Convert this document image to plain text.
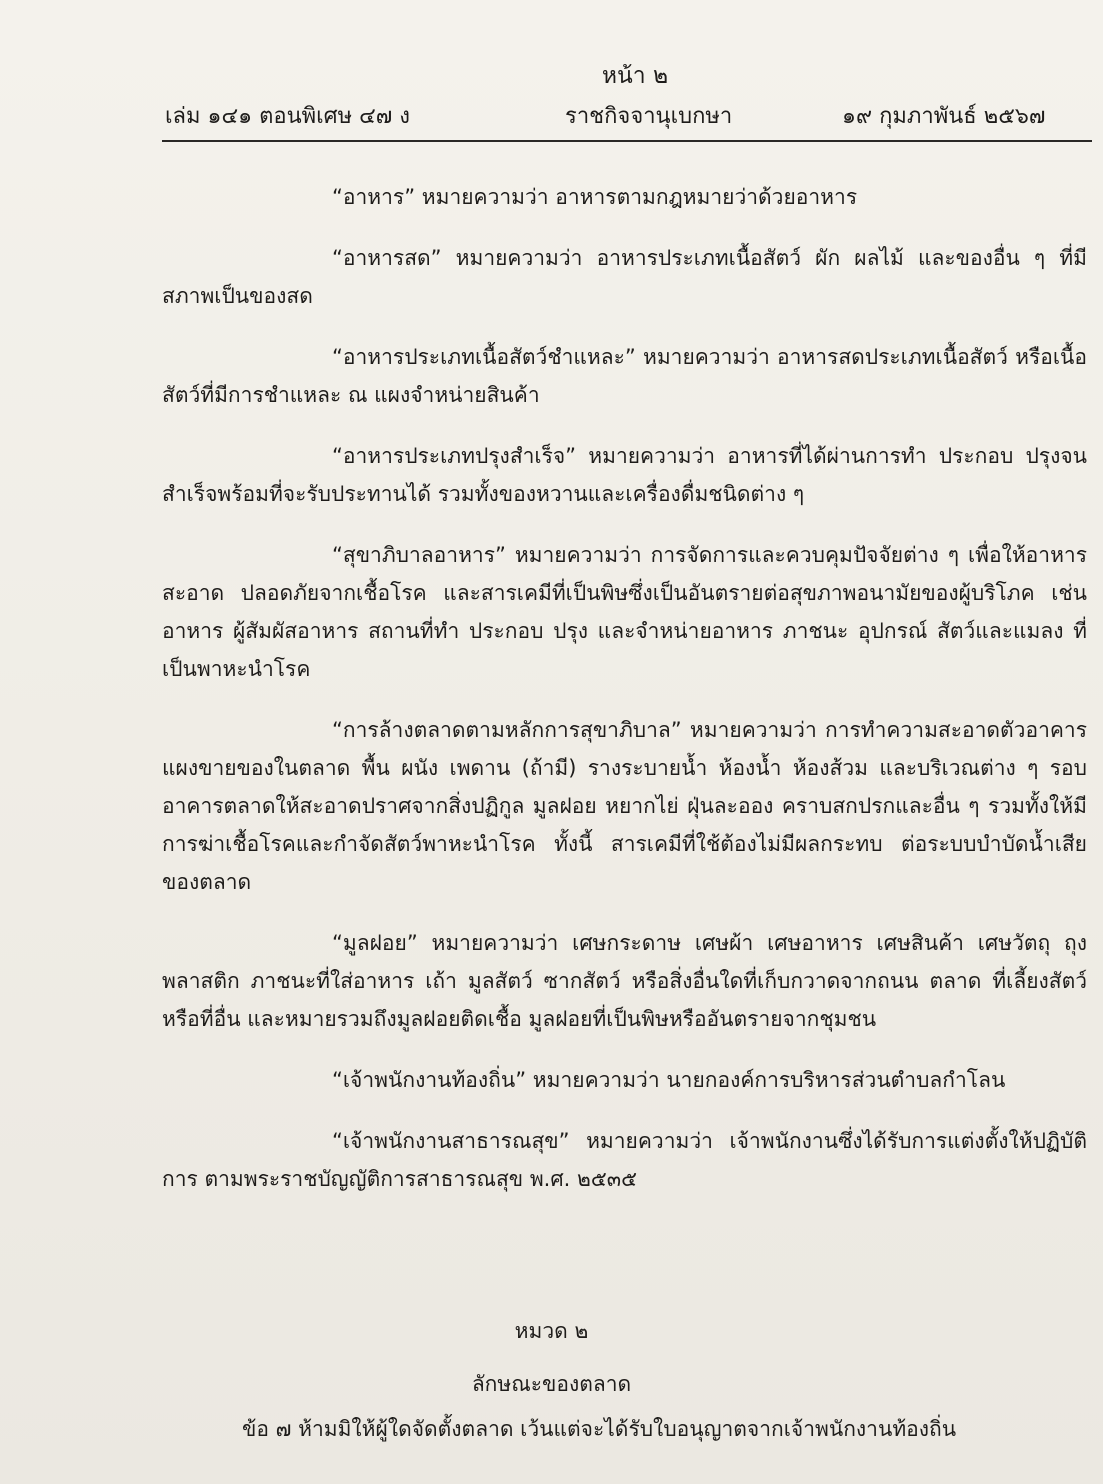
หน้า ๒
เล่ม ๑๔๑ ตอนพิเศษ ๔๗ ง	ราชกิจจานุเบกษา	๑๙ กุมภาพันธ์ ๒๕๖๗

“อาหาร” หมายความว่า อาหารตามกฎหมายว่าด้วยอาหาร

“อาหารสด” หมายความว่า อาหารประเภทเนื้อสัตว์ ผัก ผลไม้ และของอื่น ๆ ที่มีสภาพเป็นของสด

“อาหารประเภทเนื้อสัตว์ชำแหละ” หมายความว่า อาหารสดประเภทเนื้อสัตว์ หรือเนื้อสัตว์ที่มีการชำแหละ ณ แผงจำหน่ายสินค้า

“อาหารประเภทปรุงสำเร็จ” หมายความว่า อาหารที่ได้ผ่านการทำ ประกอบ ปรุงจนสำเร็จพร้อมที่จะรับประทานได้ รวมทั้งของหวานและเครื่องดื่มชนิดต่าง ๆ

“สุขาภิบาลอาหาร” หมายความว่า การจัดการและควบคุมปัจจัยต่าง ๆ เพื่อให้อาหารสะอาด ปลอดภัยจากเชื้อโรค และสารเคมีที่เป็นพิษซึ่งเป็นอันตรายต่อสุขภาพอนามัยของผู้บริโภค เช่น อาหาร ผู้สัมผัสอาหาร สถานที่ทำ ประกอบ ปรุง และจำหน่ายอาหาร ภาชนะ อุปกรณ์ สัตว์และแมลง ที่เป็นพาหะนำโรค

“การล้างตลาดตามหลักการสุขาภิบาล” หมายความว่า การทำความสะอาดตัวอาคาร แผงขายของในตลาด พื้น ผนัง เพดาน (ถ้ามี) รางระบายน้ำ ห้องน้ำ ห้องส้วม และบริเวณต่าง ๆ รอบอาคารตลาดให้สะอาดปราศจากสิ่งปฏิกูล มูลฝอย หยากไย่ ฝุ่นละออง คราบสกปรกและอื่น ๆ รวมทั้งให้มีการฆ่าเชื้อโรคและกำจัดสัตว์พาหะนำโรค ทั้งนี้ สารเคมีที่ใช้ต้องไม่มีผลกระทบ ต่อระบบบำบัดน้ำเสียของตลาด

“มูลฝอย” หมายความว่า เศษกระดาษ เศษผ้า เศษอาหาร เศษสินค้า เศษวัตถุ ถุงพลาสติก ภาชนะที่ใส่อาหาร เถ้า มูลสัตว์ ซากสัตว์ หรือสิ่งอื่นใดที่เก็บกวาดจากถนน ตลาด ที่เลี้ยงสัตว์หรือที่อื่น และหมายรวมถึงมูลฝอยติดเชื้อ มูลฝอยที่เป็นพิษหรืออันตรายจากชุมชน

“เจ้าพนักงานท้องถิ่น” หมายความว่า นายกองค์การบริหารส่วนตำบลกำโลน

“เจ้าพนักงานสาธารณสุข” หมายความว่า เจ้าพนักงานซึ่งได้รับการแต่งตั้งให้ปฏิบัติการ ตามพระราชบัญญัติการสาธารณสุข พ.ศ. ๒๕๓๕

หมวด ๒
ลักษณะของตลาด
ข้อ ๗ ห้ามมิให้ผู้ใดจัดตั้งตลาด เว้นแต่จะได้รับใบอนุญาตจากเจ้าพนักงานท้องถิ่น
